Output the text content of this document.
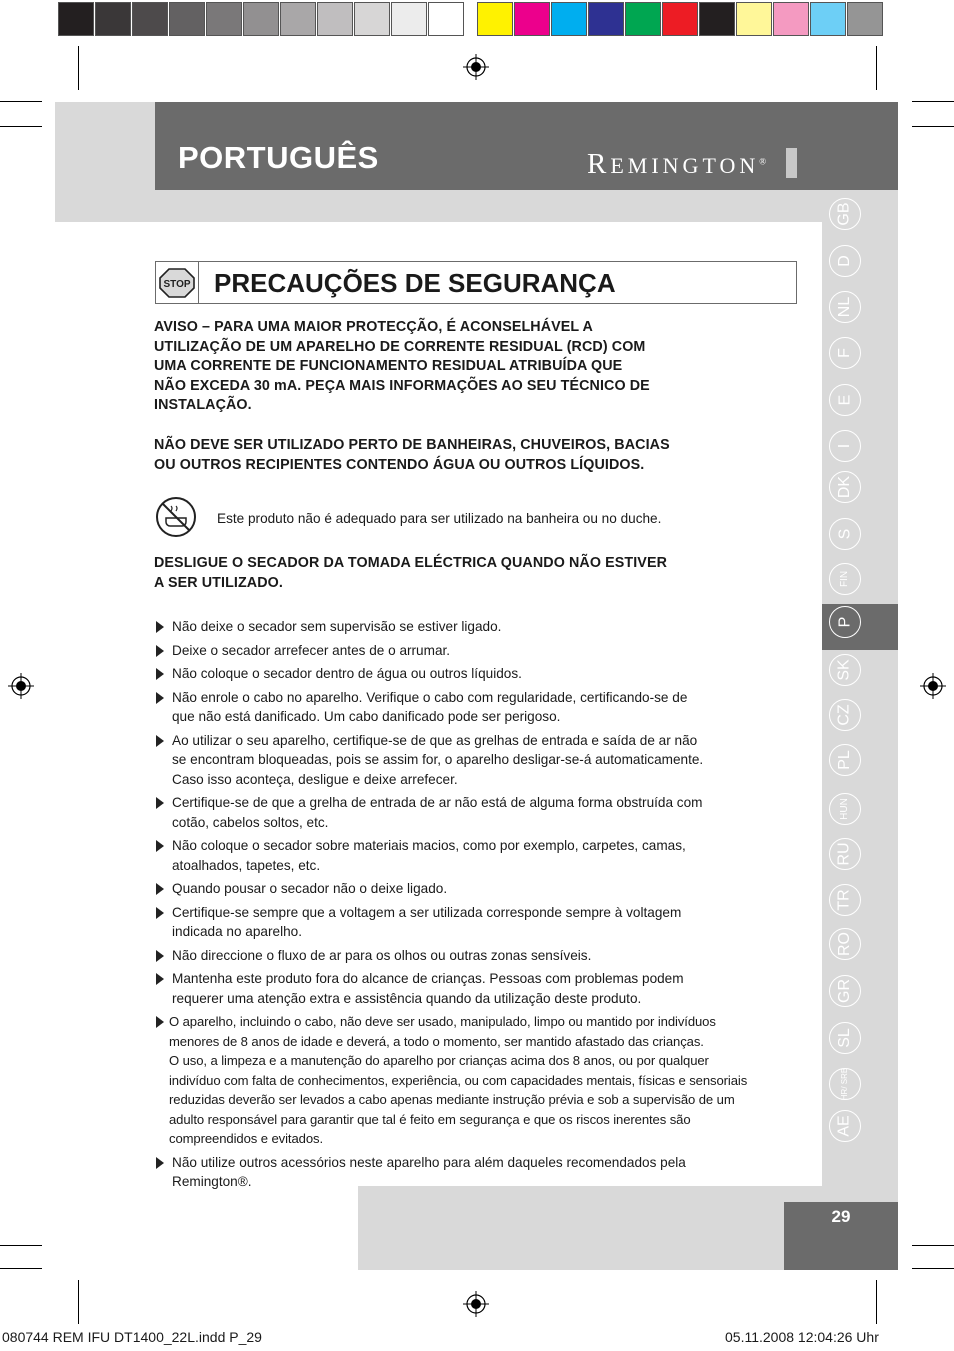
29
PORTUGUÊS	REMINGTON®
GB
D
NL
F
E
I
DK
S
FIN
P
SK
CZ
PL
HUN
RU
TR
RO
GR
SL
HR/ SRB
AE
STOP PRECAUÇÕES DE SEGURANÇA
AVISO – PARA UMA MAIOR PROTECÇÃO, É ACONSELHÁVEL A
UTILIZAÇÃO DE UM APARELHO DE CORRENTE RESIDUAL (RCD) COM
UMA CORRENTE DE FUNCIONAMENTO RESIDUAL ATRIBUÍDA QUE
NÃO EXCEDA 30 mA. PEÇA MAIS INFORMAÇÕES AO SEU TÉCNICO DE
INSTALAÇÃO.
NÃO DEVE SER UTILIZADO PERTO DE BANHEIRAS, CHUVEIROS, BACIAS
OU OUTROS RECIPIENTES CONTENDO ÁGUA OU OUTROS LÍQUIDOS.
Este produto não é adequado para ser utilizado na banheira ou no duche.
DESLIGUE O SECADOR DA TOMADA ELÉCTRICA QUANDO NÃO ESTIVER
A SER UTILIZADO.
Não deixe o secador sem supervisão se estiver ligado.
Deixe o secador arrefecer antes de o arrumar.
Não coloque o secador dentro de água ou outros líquidos.
Não enrole o cabo no aparelho. Verifique o cabo com regularidade, certificando-se de
que não está danificado. Um cabo danificado pode ser perigoso.
Ao utilizar o seu aparelho, certifique-se de que as grelhas de entrada e saída de ar não
se encontram bloqueadas, pois se assim for, o aparelho desligar-se-á automaticamente.
Caso isso aconteça, desligue e deixe arrefecer.
Certifique-se de que a grelha de entrada de ar não está de alguma forma obstruída com
cotão, cabelos soltos, etc.
Não coloque o secador sobre materiais macios, como por exemplo, carpetes, camas,
atoalhados, tapetes, etc.
Quando pousar o secador não o deixe ligado.
Certifique-se sempre que a voltagem a ser utilizada corresponde sempre à voltagem
indicada no aparelho.
Não direccione o fluxo de ar para os olhos ou outras zonas sensíveis.
Mantenha este produto fora do alcance de crianças. Pessoas com problemas podem
requerer uma atenção extra e assistência quando da utilização deste produto.
O aparelho, incluindo o cabo, não deve ser usado, manipulado, limpo ou mantido por indivíduos
menores de 8 anos de idade e deverá, a todo o momento, ser mantido afastado das crianças.
O uso, a limpeza e a manutenção do aparelho por crianças acima dos 8 anos, ou por qualquer
indivíduo com falta de conhecimentos, experiência, ou com capacidades mentais, físicas e sensoriais
reduzidas deverão ser levados a cabo apenas mediante instrução prévia e sob a supervisão de um
adulto responsável para garantir que tal é feito em segurança e que os riscos inerentes são
compreendidos e evitados.
Não utilize outros acessórios neste aparelho para além daqueles recomendados pela
Remington®.
080744 REM IFU DT1400_22L.indd P_29	05.11.2008 12:04:26 Uhr
